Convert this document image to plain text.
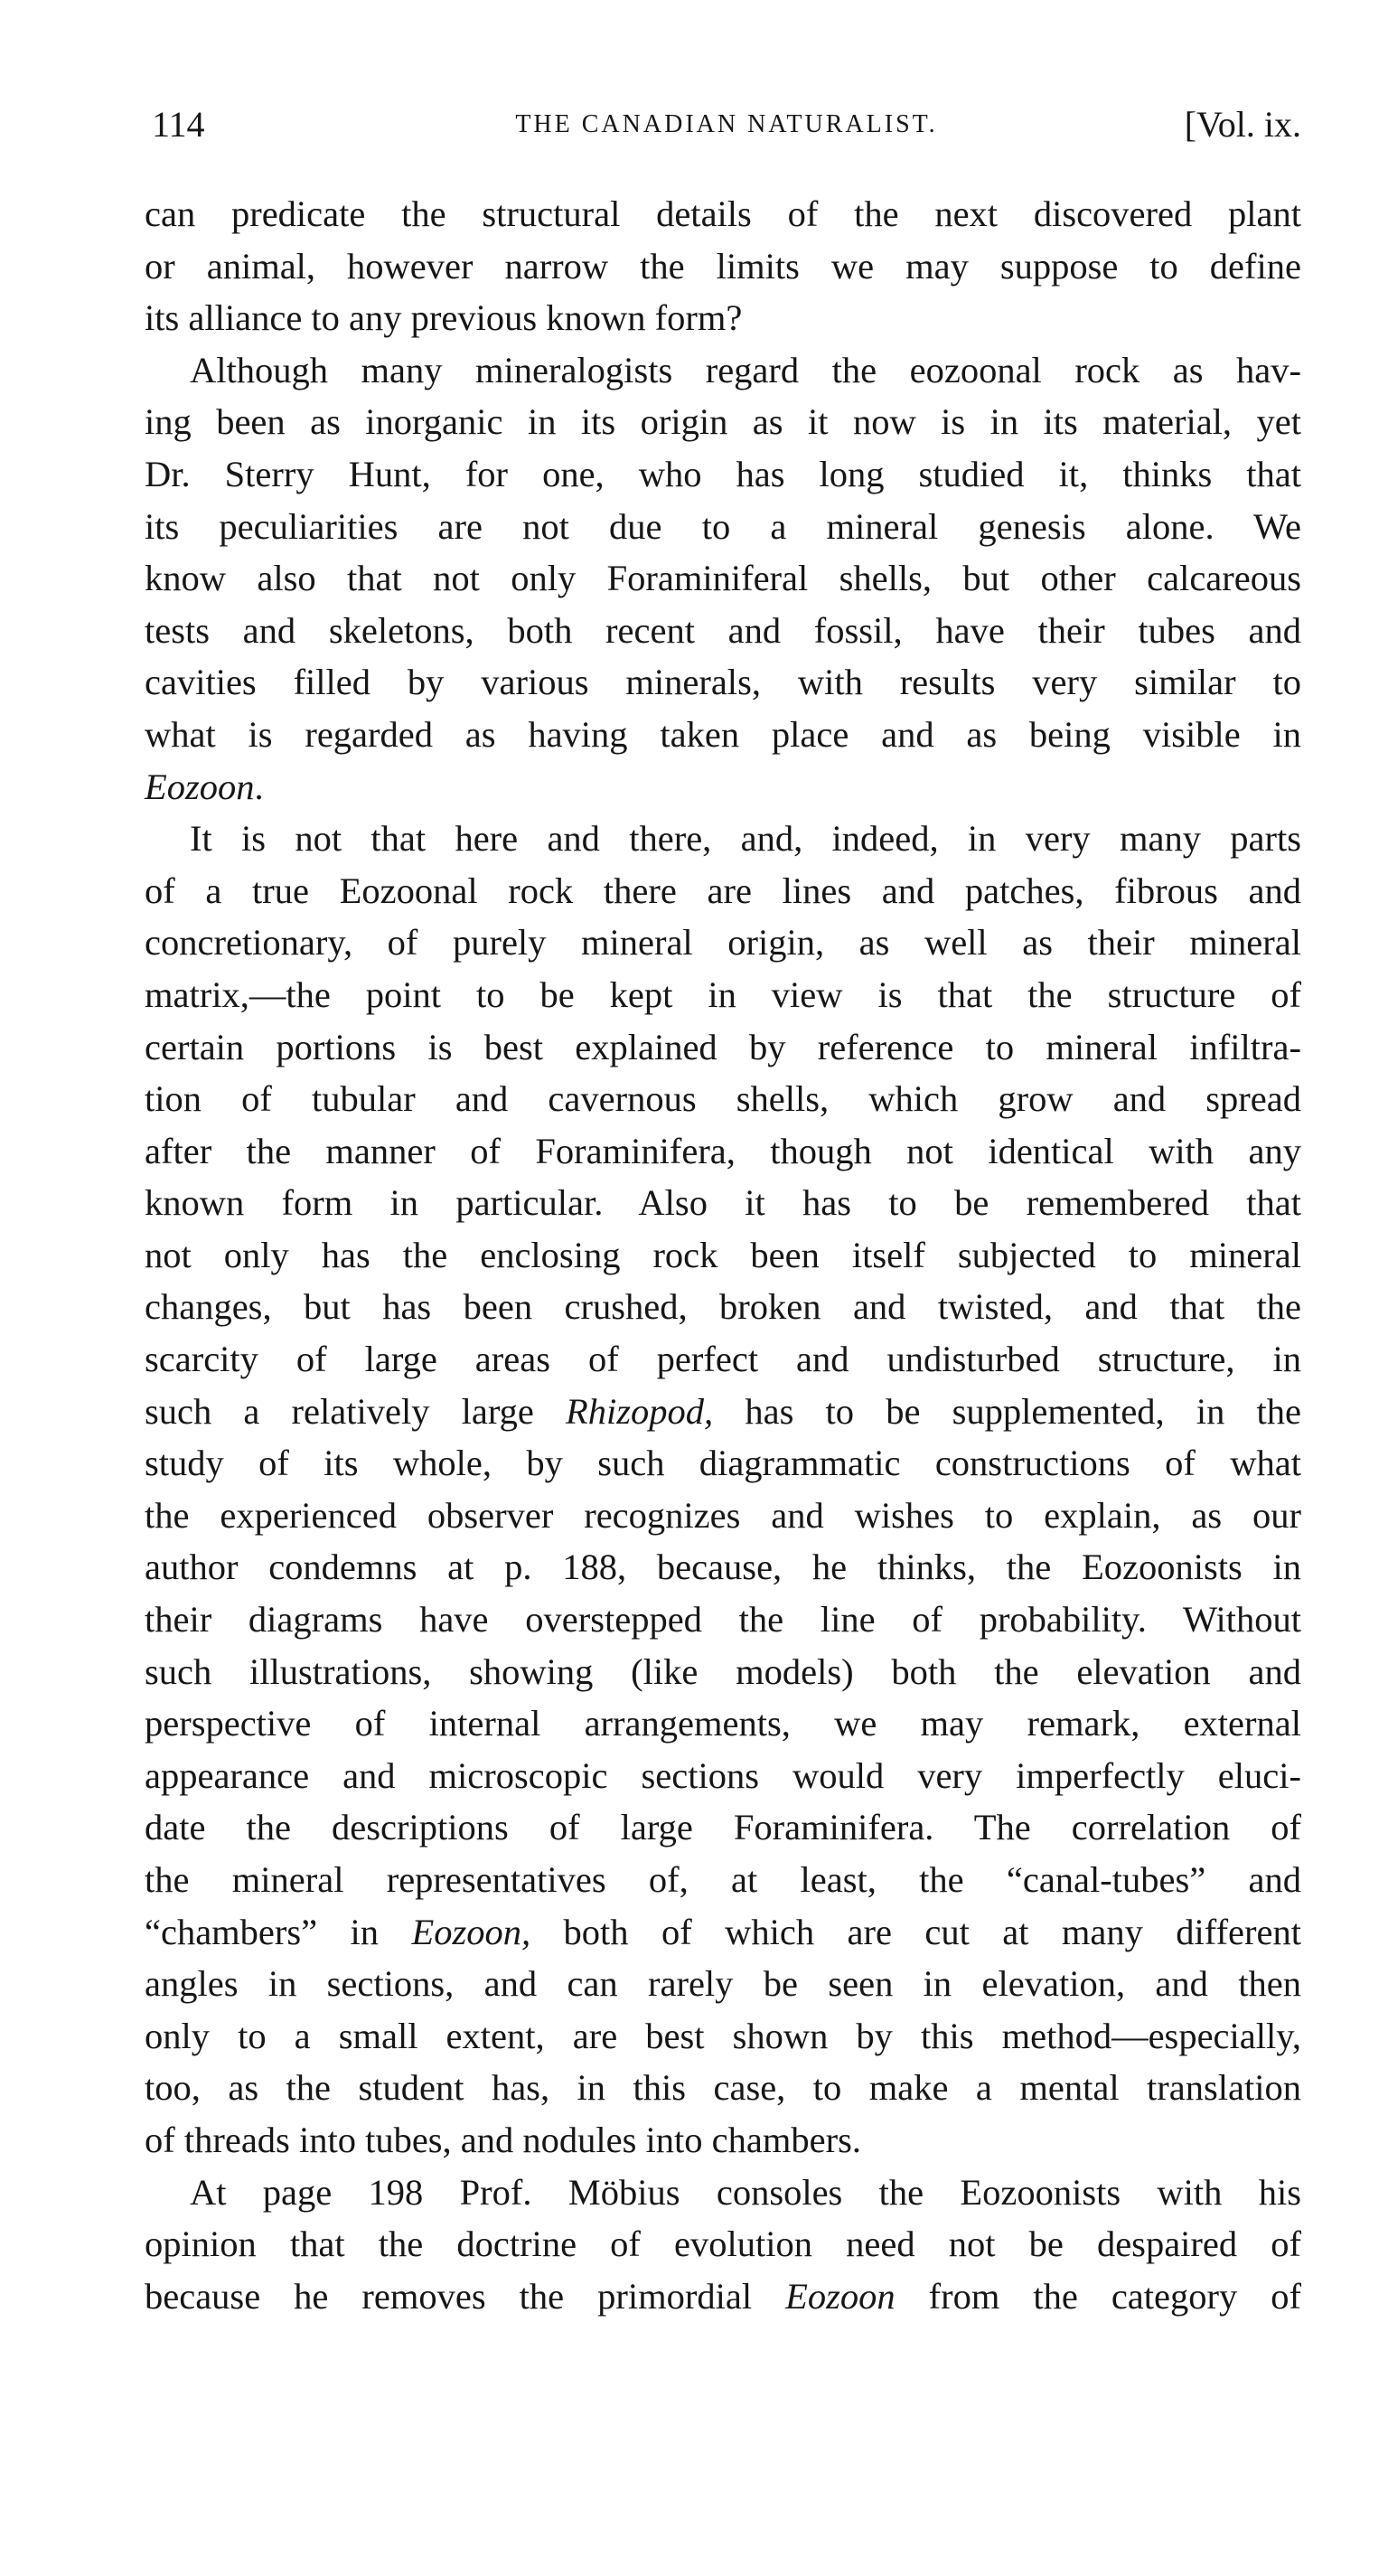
114	THE CANADIAN NATURALIST.	[Vol. ix.

can predicate the structural details of the next discovered plant
or animal, however narrow the limits we may suppose to define
its alliance to any previous known form?

Although many mineralogists regard the eozoonal rock as hav-
ing been as inorganic in its origin as it now is in its material, yet
Dr. Sterry Hunt, for one, who has long studied it, thinks that
its peculiarities are not due to a mineral genesis alone. We
know also that not only Foraminiferal shells, but other calcareous
tests and skeletons, both recent and fossil, have their tubes and
cavities filled by various minerals, with results very similar to
what is regarded as having taken place and as being visible in
Eozoon.

It is not that here and there, and, indeed, in very many parts
of a true Eozoonal rock there are lines and patches, fibrous and
concretionary, of purely mineral origin, as well as their mineral
matrix,—the point to be kept in view is that the structure of
certain portions is best explained by reference to mineral infiltra-
tion of tubular and cavernous shells, which grow and spread
after the manner of Foraminifera, though not identical with any
known form in particular. Also it has to be remembered that
not only has the enclosing rock been itself subjected to mineral
changes, but has been crushed, broken and twisted, and that the
scarcity of large areas of perfect and undisturbed structure, in
such a relatively large Rhizopod, has to be supplemented, in the
study of its whole, by such diagrammatic constructions of what
the experienced observer recognizes and wishes to explain, as our
author condemns at p. 188, because, he thinks, the Eozoonists in
their diagrams have overstepped the line of probability. Without
such illustrations, showing (like models) both the elevation and
perspective of internal arrangements, we may remark, external
appearance and microscopic sections would very imperfectly eluci-
date the descriptions of large Foraminifera. The correlation of
the mineral representatives of, at least, the “canal-tubes” and
“chambers” in Eozoon, both of which are cut at many different
angles in sections, and can rarely be seen in elevation, and then
only to a small extent, are best shown by this method—especially,
too, as the student has, in this case, to make a mental translation
of threads into tubes, and nodules into chambers.

At page 198 Prof. Möbius consoles the Eozoonists with his
opinion that the doctrine of evolution need not be despaired of
because he removes the primordial Eozoon from the category of
